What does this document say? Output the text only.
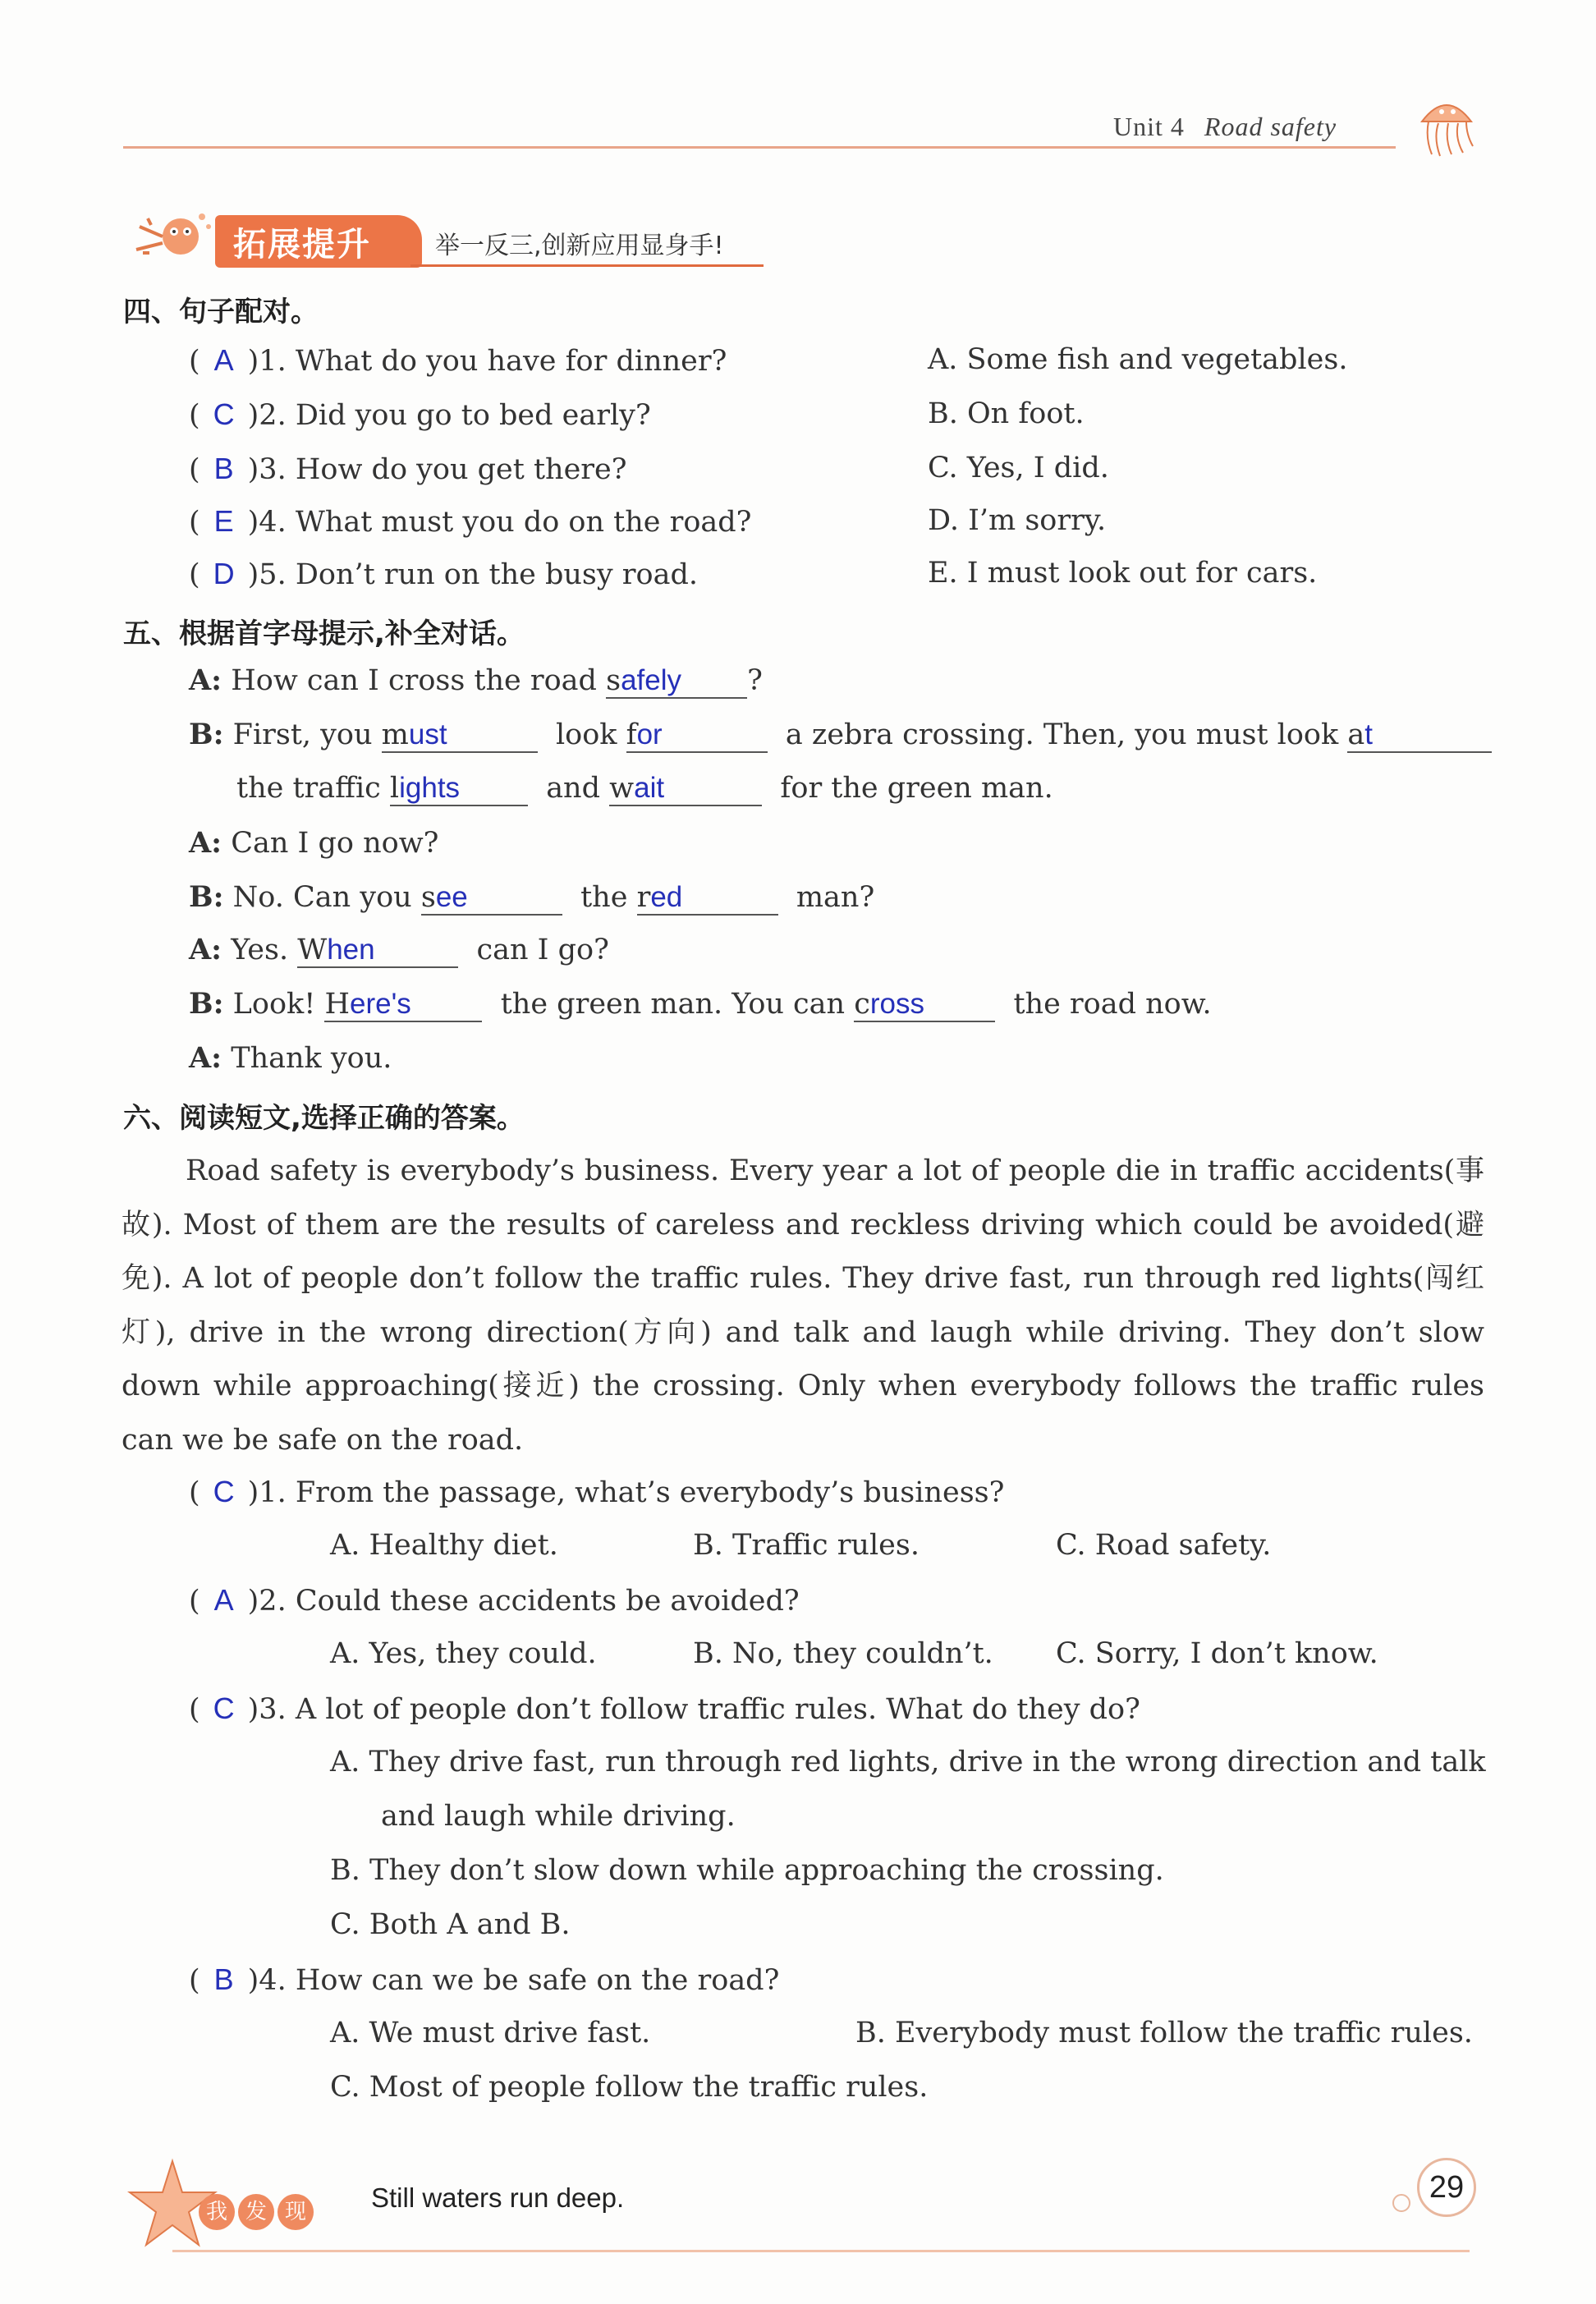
Unit 4 Road safety
拓展提升	举一反三,创新应用显身手!
四、句子配对。
( A )1. What do you have for dinner?	A. Some fish and vegetables.
( C )2. Did you go to bed early?	B. On foot.
( B )3. How do you get there?	C. Yes, I did.
( E )4. What must you do on the road?	D. I’m sorry.
( D )5. Don’t run on the busy road.	E. I must look out for cars.
五、根据首字母提示,补全对话。
A: How can I cross the road safely ?
B: First, you must	look for	a zebra crossing. Then, you must look at
the traffic lights	and wait	for the green man.
A: Can I go now?
B: No. Can you see	the red	man?
A: Yes. When	can I go?
B: Look! Here's	the green man. You can cross	the road now.
A: Thank you.
六、阅读短文,选择正确的答案。
Road safety is everybody’s business. Every year a lot of people die in traffic accidents(事故). Most of them are the results of careless and reckless driving which could be avoided(避免). A lot of people don’t follow the traffic rules. They drive fast, run through red lights(闯红灯), drive in the wrong direction(方向) and talk and laugh while driving. They don’t slow down while approaching(接近) the crossing. Only when everybody follows the traffic rules can we be safe on the road.
( C )1. From the passage, what’s everybody’s business?
A. Healthy diet.	B. Traffic rules.	C. Road safety.
( A )2. Could these accidents be avoided?
A. Yes, they could.	B. No, they couldn’t. C. Sorry, I don’t know.
( C )3. A lot of people don’t follow traffic rules. What do they do?
A. They drive fast, run through red lights, drive in the wrong direction and talk
and laugh while driving.
B. They don’t slow down while approaching the crossing.
C. Both A and B.
( B )4. How can we be safe on the road?
A. We must drive fast.	B. Everybody must follow the traffic rules.
C. Most of people follow the traffic rules.
我 发 现 Still waters run deep.	29
